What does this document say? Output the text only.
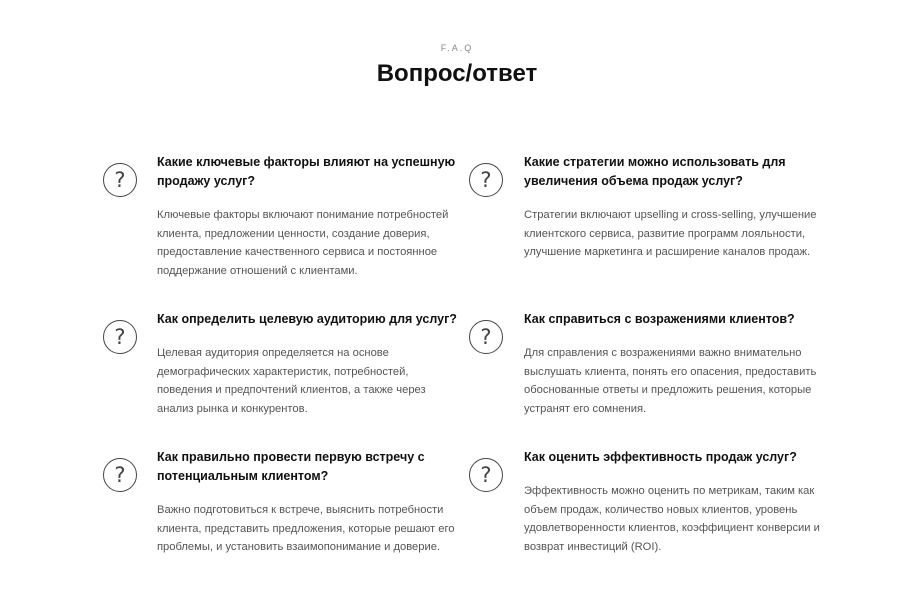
F.A.Q
Вопрос/ответ
?
Какие ключевые факторы влияют на успешную продажу услуг?
Ключевые факторы включают понимание потребностей клиента, предложении ценности, создание доверия, предоставление качественного сервиса и постоянное поддержание отношений с клиентами.
?
Какие стратегии можно использовать для увеличения объема продаж услуг?
Стратегии включают upselling и cross-selling, улучшение клиентского сервиса, развитие программ лояльности, улучшение маркетинга и расширение каналов продаж.
?
Как определить целевую аудиторию для услуг?
Целевая аудитория определяется на основе демографических характеристик, потребностей, поведения и предпочтений клиентов, а также через анализ рынка и конкурентов.
?
Как справиться с возражениями клиентов?
Для справления с возражениями важно внимательно выслушать клиента, понять его опасения, предоставить обоснованные ответы и предложить решения, которые устранят его сомнения.
?
Как правильно провести первую встречу с потенциальным клиентом?
Важно подготовиться к встрече, выяснить потребности клиента, представить предложения, которые решают его проблемы, и установить взаимопонимание и доверие.
?
Как оценить эффективность продаж услуг?
Эффективность можно оценить по метрикам, таким как объем продаж, количество новых клиентов, уровень удовлетворенности клиентов, коэффициент конверсии и возврат инвестиций (ROI).
